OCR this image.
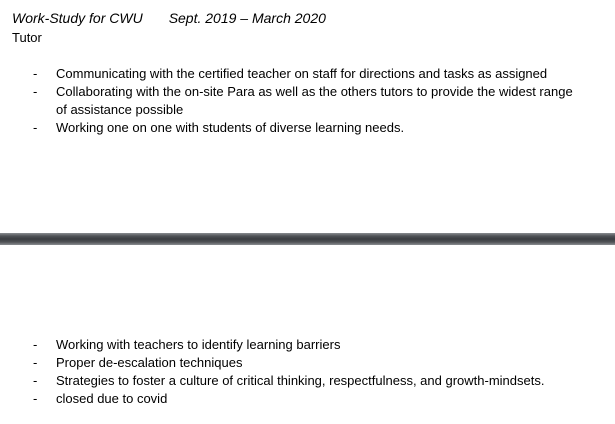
Work-Study for CWU Sept. 2019 – March 2020
Tutor
- Communicating with the certified teacher on staff for directions and tasks as assigned
- Collaborating with the on-site Para as well as the others tutors to provide the widest range of assistance possible
- Working one on one with students of diverse learning needs.
- Working with teachers to identify learning barriers
- Proper de-escalation techniques
- Strategies to foster a culture of critical thinking, respectfulness, and growth-mindsets.
- closed due to covid
